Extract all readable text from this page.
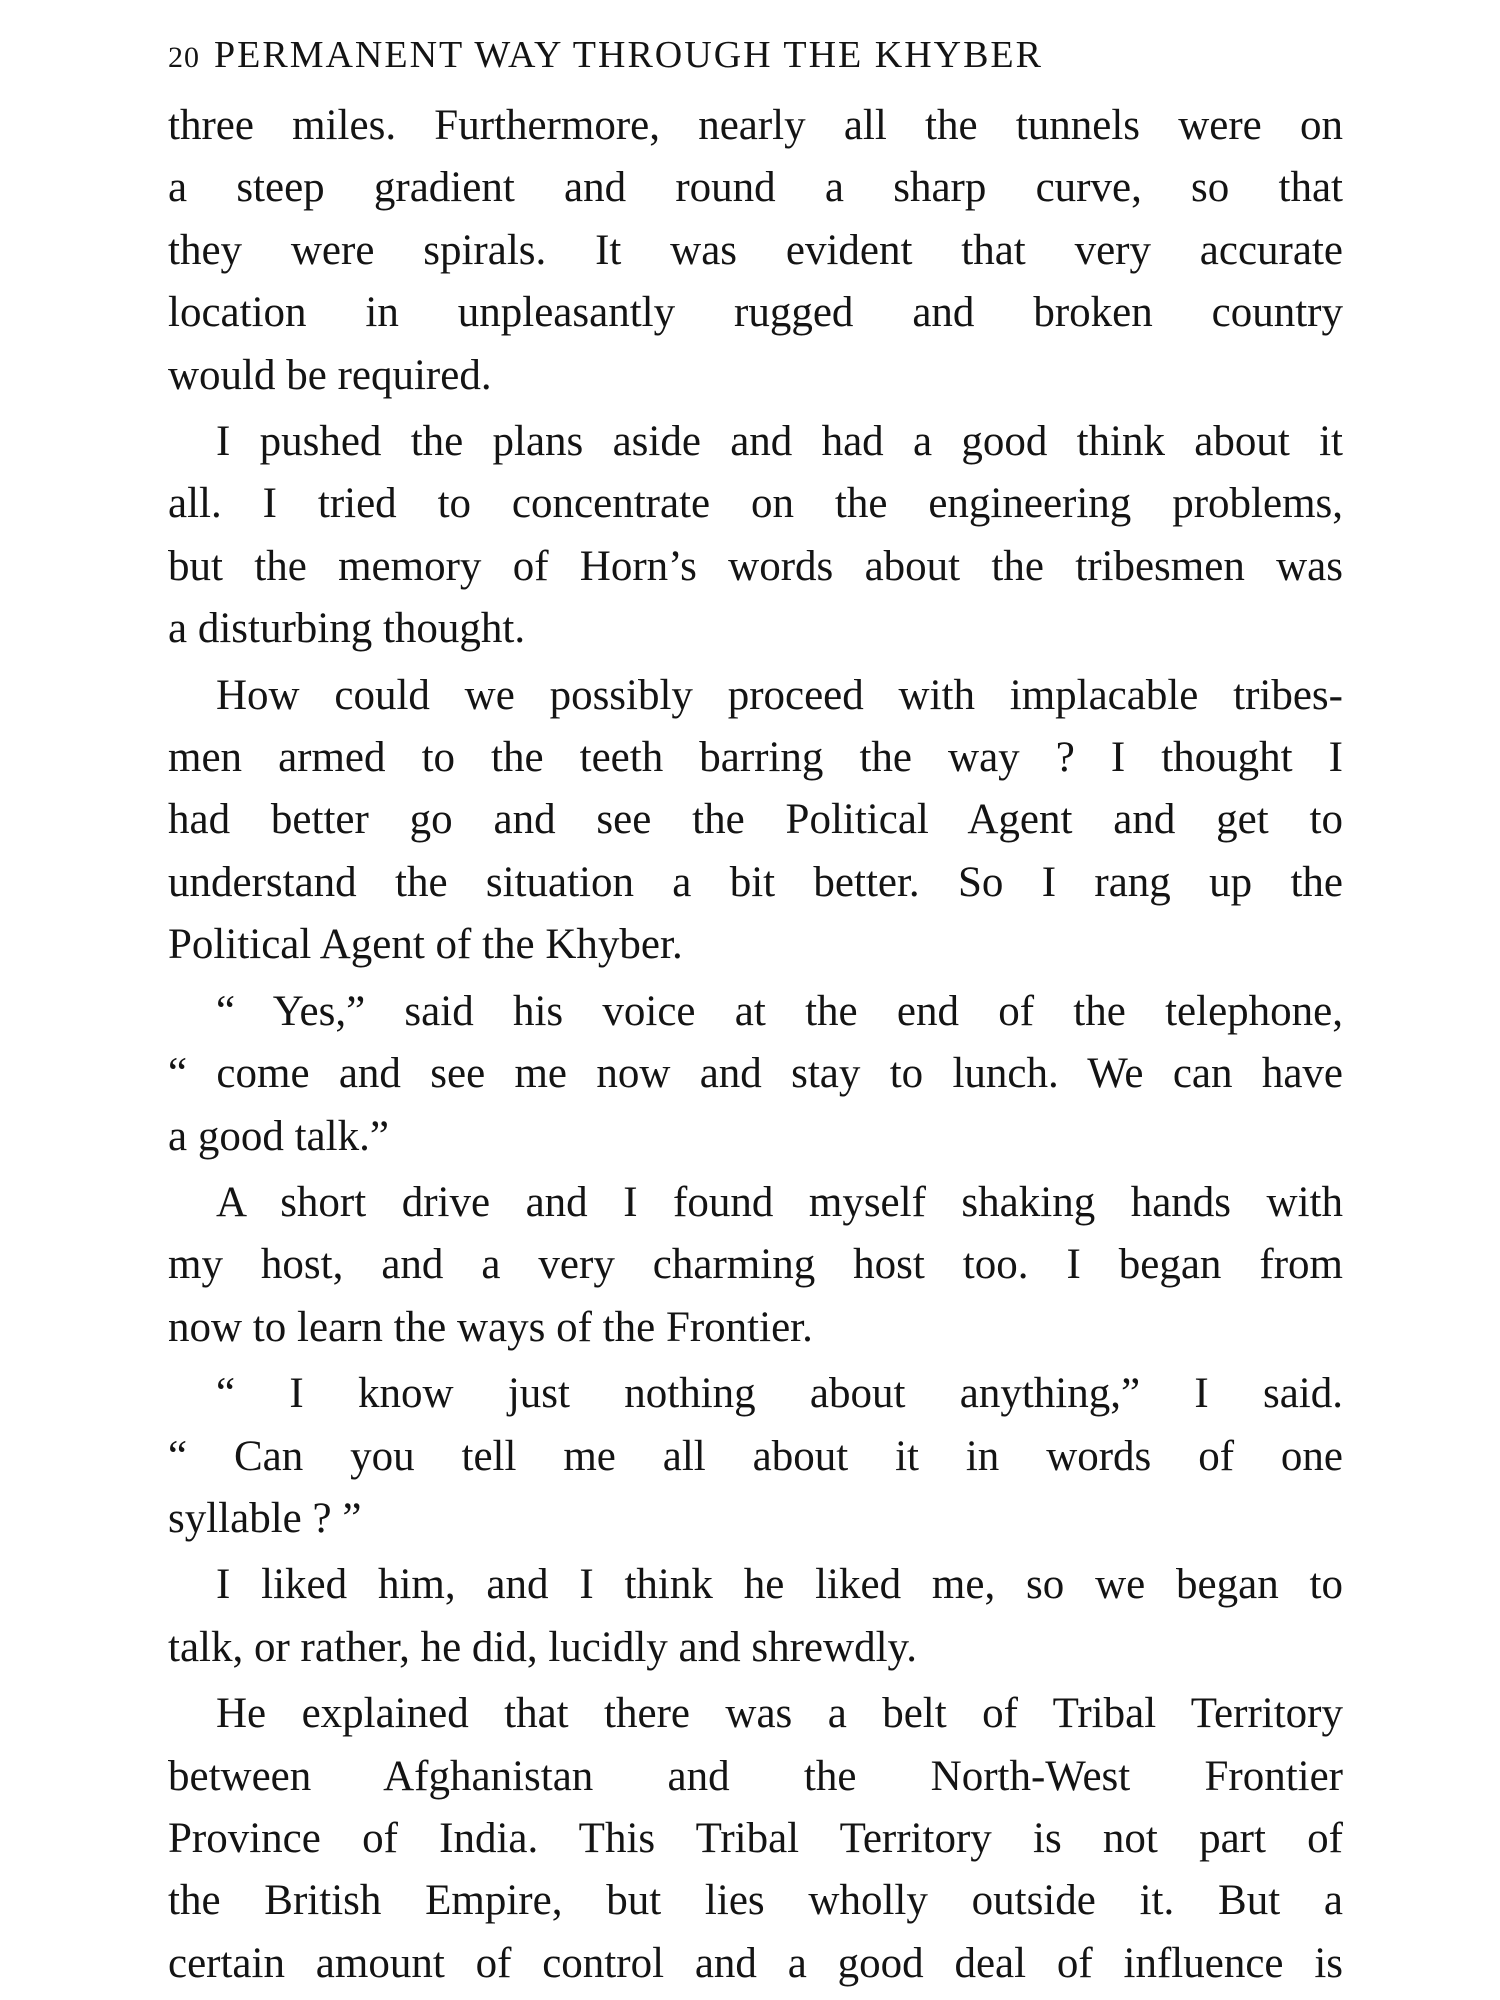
20 PERMANENT WAY THROUGH THE KHYBER
three miles. Furthermore, nearly all the tunnels were on
a steep gradient and round a sharp curve, so that
they were spirals. It was evident that very accurate
location in unpleasantly rugged and broken country
would be required.
I pushed the plans aside and had a good think about it
all. I tried to concentrate on the engineering problems,
but the memory of Horn’s words about the tribesmen was
a disturbing thought.
How could we possibly proceed with implacable tribes-
men armed to the teeth barring the way ? I thought I
had better go and see the Political Agent and get to
understand the situation a bit better. So I rang up the
Political Agent of the Khyber.
“ Yes,” said his voice at the end of the telephone,
“ come and see me now and stay to lunch. We can have
a good talk.”
A short drive and I found myself shaking hands with
my host, and a very charming host too. I began from
now to learn the ways of the Frontier.
“ I know just nothing about anything,” I said.
“ Can you tell me all about it in words of one
syllable ? ”
I liked him, and I think he liked me, so we began to
talk, or rather, he did, lucidly and shrewdly.
He explained that there was a belt of Tribal Territory
between Afghanistan and the North-West Frontier
Province of India. This Tribal Territory is not part of
the British Empire, but lies wholly outside it. But a
certain amount of control and a good deal of influence is
